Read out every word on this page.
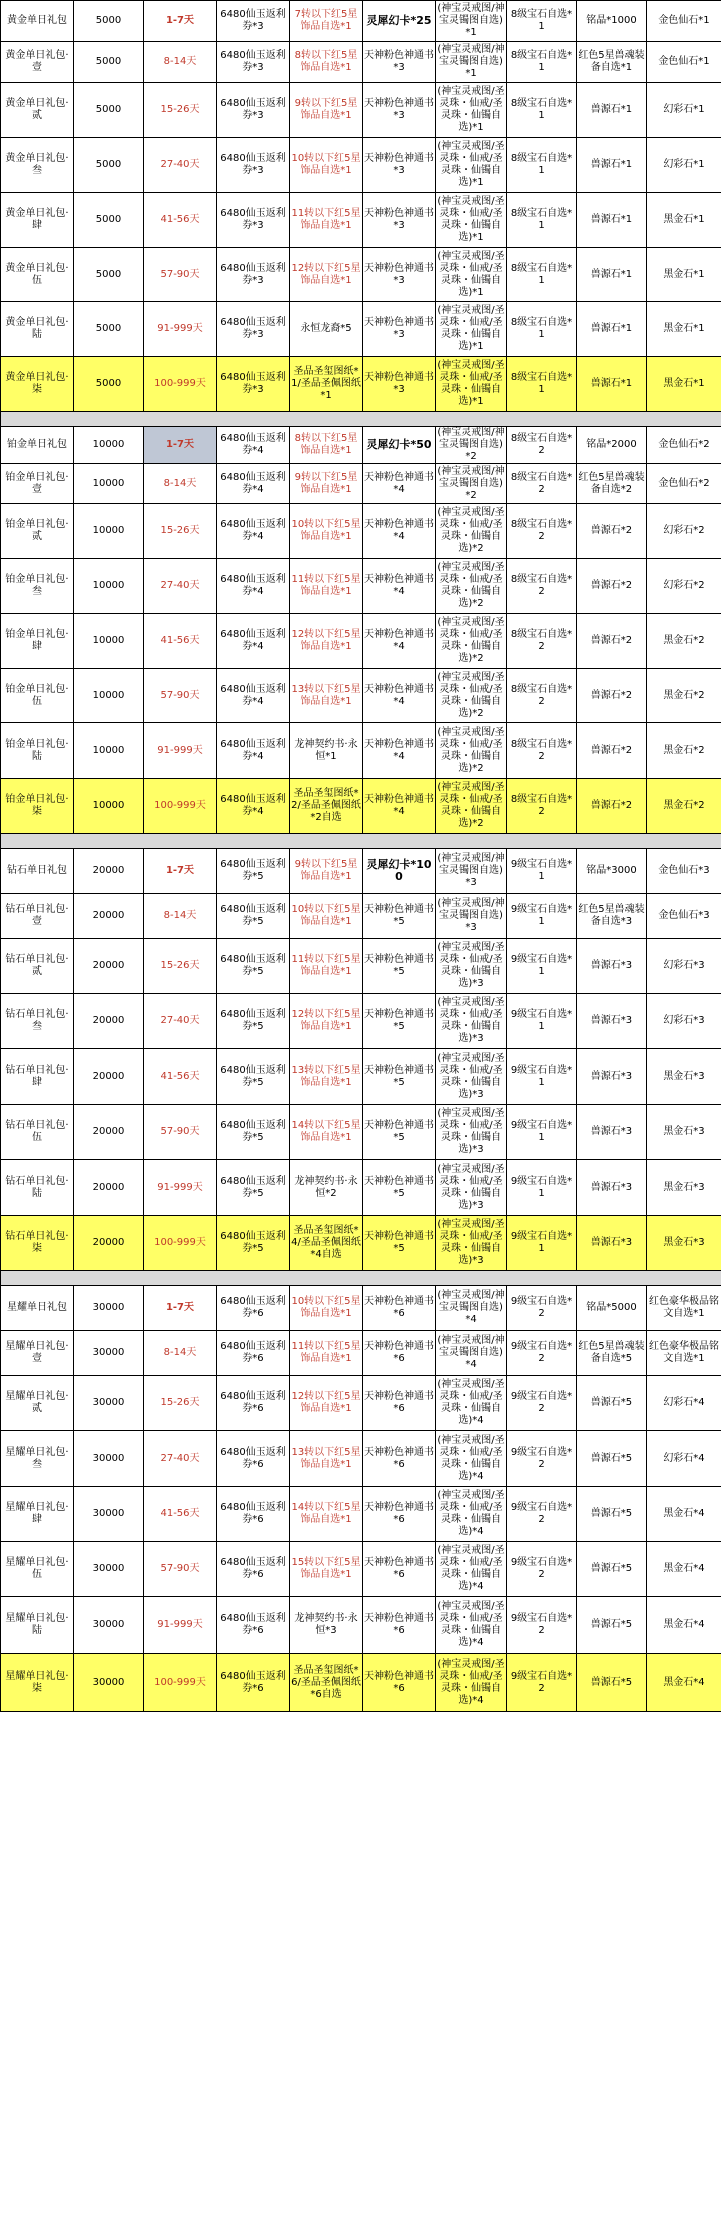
黄金单日礼包	5000	1-7天	6480仙玉返利券*3	7转以下红5星饰品自选*1	灵犀幻卡*25	(神宝灵戒图/神宝灵镯图自选)*1	8级宝石自选*1	铭晶*1000	金色仙石*1
黄金单日礼包·壹	5000	8-14天	6480仙玉返利券*3	8转以下红5星饰品自选*1	天神粉色神通书*3	(神宝灵戒图/神宝灵镯图自选)*1	8级宝石自选*1	红色5星兽魂装备自选*1	金色仙石*1
黄金单日礼包·贰	5000	15-26天	6480仙玉返利券*3	9转以下红5星饰品自选*1	天神粉色神通书*3	(神宝灵戒图/圣灵珠・仙戒/圣灵珠・仙镯自选)*1	8级宝石自选*1	兽源石*1	幻彩石*1
黄金单日礼包·叁	5000	27-40天	6480仙玉返利券*3	10转以下红5星饰品自选*1	天神粉色神通书*3	(神宝灵戒图/圣灵珠・仙戒/圣灵珠・仙镯自选)*1	8级宝石自选*1	兽源石*1	幻彩石*1
黄金单日礼包·肆	5000	41-56天	6480仙玉返利券*3	11转以下红5星饰品自选*1	天神粉色神通书*3	(神宝灵戒图/圣灵珠・仙戒/圣灵珠・仙镯自选)*1	8级宝石自选*1	兽源石*1	黑金石*1
黄金单日礼包·伍	5000	57-90天	6480仙玉返利券*3	12转以下红5星饰品自选*1	天神粉色神通书*3	(神宝灵戒图/圣灵珠・仙戒/圣灵珠・仙镯自选)*1	8级宝石自选*1	兽源石*1	黑金石*1
黄金单日礼包·陆	5000	91-999天	6480仙玉返利券*3	永恒龙裔*5	天神粉色神通书*3	(神宝灵戒图/圣灵珠・仙戒/圣灵珠・仙镯自选)*1	8级宝石自选*1	兽源石*1	黑金石*1
黄金单日礼包·柒	5000	100-999天	6480仙玉返利券*3	圣品圣玺图纸*1/圣品圣佩图纸*1	天神粉色神通书*3	(神宝灵戒图/圣灵珠・仙戒/圣灵珠・仙镯自选)*1	8级宝石自选*1	兽源石*1	黑金石*1

铂金单日礼包	10000	1-7天	6480仙玉返利券*4	8转以下红5星饰品自选*1	灵犀幻卡*50	(神宝灵戒图/神宝灵镯图自选)*2	8级宝石自选*2	铭晶*2000	金色仙石*2
铂金单日礼包·壹	10000	8-14天	6480仙玉返利券*4	9转以下红5星饰品自选*1	天神粉色神通书*4	(神宝灵戒图/神宝灵镯图自选)*2	8级宝石自选*2	红色5星兽魂装备自选*2	金色仙石*2
铂金单日礼包·贰	10000	15-26天	6480仙玉返利券*4	10转以下红5星饰品自选*1	天神粉色神通书*4	(神宝灵戒图/圣灵珠・仙戒/圣灵珠・仙镯自选)*2	8级宝石自选*2	兽源石*2	幻彩石*2
铂金单日礼包·叁	10000	27-40天	6480仙玉返利券*4	11转以下红5星饰品自选*1	天神粉色神通书*4	(神宝灵戒图/圣灵珠・仙戒/圣灵珠・仙镯自选)*2	8级宝石自选*2	兽源石*2	幻彩石*2
铂金单日礼包·肆	10000	41-56天	6480仙玉返利券*4	12转以下红5星饰品自选*1	天神粉色神通书*4	(神宝灵戒图/圣灵珠・仙戒/圣灵珠・仙镯自选)*2	8级宝石自选*2	兽源石*2	黑金石*2
铂金单日礼包·伍	10000	57-90天	6480仙玉返利券*4	13转以下红5星饰品自选*1	天神粉色神通书*4	(神宝灵戒图/圣灵珠・仙戒/圣灵珠・仙镯自选)*2	8级宝石自选*2	兽源石*2	黑金石*2
铂金单日礼包·陆	10000	91-999天	6480仙玉返利券*4	龙神契约书·永恒*1	天神粉色神通书*4	(神宝灵戒图/圣灵珠・仙戒/圣灵珠・仙镯自选)*2	8级宝石自选*2	兽源石*2	黑金石*2
铂金单日礼包·柒	10000	100-999天	6480仙玉返利券*4	圣品圣玺图纸*2/圣品圣佩图纸*2自选	天神粉色神通书*4	(神宝灵戒图/圣灵珠・仙戒/圣灵珠・仙镯自选)*2	8级宝石自选*2	兽源石*2	黑金石*2

钻石单日礼包	20000	1-7天	6480仙玉返利券*5	9转以下红5星饰品自选*1	灵犀幻卡*100	(神宝灵戒图/神宝灵镯图自选)*3	9级宝石自选*1	铭晶*3000	金色仙石*3
钻石单日礼包·壹	20000	8-14天	6480仙玉返利券*5	10转以下红5星饰品自选*1	天神粉色神通书*5	(神宝灵戒图/神宝灵镯图自选)*3	9级宝石自选*1	红色5星兽魂装备自选*3	金色仙石*3
钻石单日礼包·贰	20000	15-26天	6480仙玉返利券*5	11转以下红5星饰品自选*1	天神粉色神通书*5	(神宝灵戒图/圣灵珠・仙戒/圣灵珠・仙镯自选)*3	9级宝石自选*1	兽源石*3	幻彩石*3
钻石单日礼包·叁	20000	27-40天	6480仙玉返利券*5	12转以下红5星饰品自选*1	天神粉色神通书*5	(神宝灵戒图/圣灵珠・仙戒/圣灵珠・仙镯自选)*3	9级宝石自选*1	兽源石*3	幻彩石*3
钻石单日礼包·肆	20000	41-56天	6480仙玉返利券*5	13转以下红5星饰品自选*1	天神粉色神通书*5	(神宝灵戒图/圣灵珠・仙戒/圣灵珠・仙镯自选)*3	9级宝石自选*1	兽源石*3	黑金石*3
钻石单日礼包·伍	20000	57-90天	6480仙玉返利券*5	14转以下红5星饰品自选*1	天神粉色神通书*5	(神宝灵戒图/圣灵珠・仙戒/圣灵珠・仙镯自选)*3	9级宝石自选*1	兽源石*3	黑金石*3
钻石单日礼包·陆	20000	91-999天	6480仙玉返利券*5	龙神契约书·永恒*2	天神粉色神通书*5	(神宝灵戒图/圣灵珠・仙戒/圣灵珠・仙镯自选)*3	9级宝石自选*1	兽源石*3	黑金石*3
钻石单日礼包·柒	20000	100-999天	6480仙玉返利券*5	圣品圣玺图纸*4/圣品圣佩图纸*4自选	天神粉色神通书*5	(神宝灵戒图/圣灵珠・仙戒/圣灵珠・仙镯自选)*3	9级宝石自选*1	兽源石*3	黑金石*3

星耀单日礼包	30000	1-7天	6480仙玉返利券*6	10转以下红5星饰品自选*1	天神粉色神通书*6	(神宝灵戒图/神宝灵镯图自选)*4	9级宝石自选*2	铭晶*5000	红色豪华极品铭文自选*1
星耀单日礼包·壹	30000	8-14天	6480仙玉返利券*6	11转以下红5星饰品自选*1	天神粉色神通书*6	(神宝灵戒图/神宝灵镯图自选)*4	9级宝石自选*2	红色5星兽魂装备自选*5	红色豪华极品铭文自选*1
星耀单日礼包·贰	30000	15-26天	6480仙玉返利券*6	12转以下红5星饰品自选*1	天神粉色神通书*6	(神宝灵戒图/圣灵珠・仙戒/圣灵珠・仙镯自选)*4	9级宝石自选*2	兽源石*5	幻彩石*4
星耀单日礼包·叁	30000	27-40天	6480仙玉返利券*6	13转以下红5星饰品自选*1	天神粉色神通书*6	(神宝灵戒图/圣灵珠・仙戒/圣灵珠・仙镯自选)*4	9级宝石自选*2	兽源石*5	幻彩石*4
星耀单日礼包·肆	30000	41-56天	6480仙玉返利券*6	14转以下红5星饰品自选*1	天神粉色神通书*6	(神宝灵戒图/圣灵珠・仙戒/圣灵珠・仙镯自选)*4	9级宝石自选*2	兽源石*5	黑金石*4
星耀单日礼包·伍	30000	57-90天	6480仙玉返利券*6	15转以下红5星饰品自选*1	天神粉色神通书*6	(神宝灵戒图/圣灵珠・仙戒/圣灵珠・仙镯自选)*4	9级宝石自选*2	兽源石*5	黑金石*4
星耀单日礼包·陆	30000	91-999天	6480仙玉返利券*6	龙神契约书·永恒*3	天神粉色神通书*6	(神宝灵戒图/圣灵珠・仙戒/圣灵珠・仙镯自选)*4	9级宝石自选*2	兽源石*5	黑金石*4
星耀单日礼包·柒	30000	100-999天	6480仙玉返利券*6	圣品圣玺图纸*6/圣品圣佩图纸*6自选	天神粉色神通书*6	(神宝灵戒图/圣灵珠・仙戒/圣灵珠・仙镯自选)*4	9级宝石自选*2	兽源石*5	黑金石*4
